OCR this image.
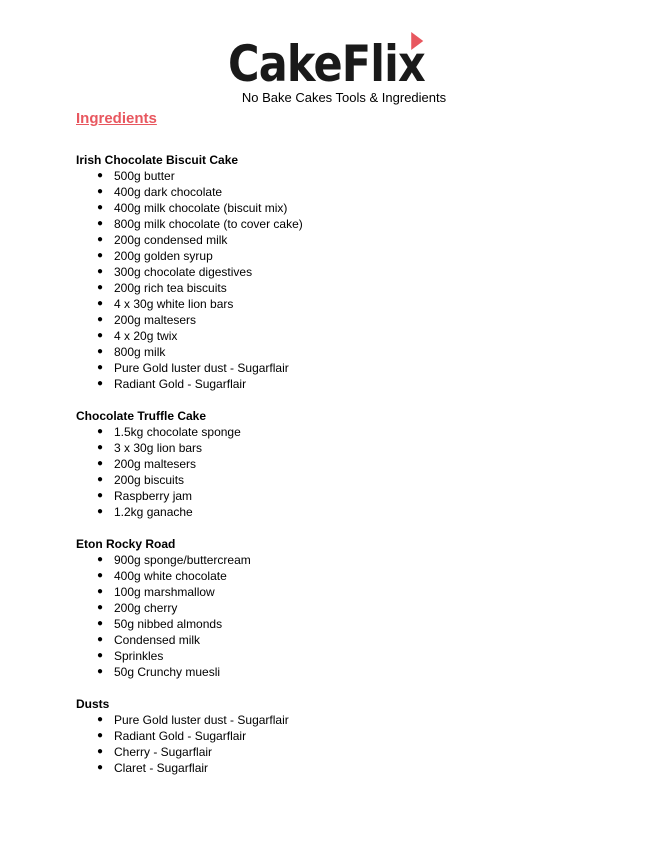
CakeFlix
No Bake Cakes Tools & Ingredients
Ingredients

Irish Chocolate Biscuit Cake

● 500g butter
● 400g dark chocolate
● 400g milk chocolate (biscuit mix)
● 800g milk chocolate (to cover cake)
● 200g condensed milk
● 200g golden syrup
● 300g chocolate digestives
● 200g rich tea biscuits
● 4 x 30g white lion bars
● 200g maltesers
● 4 x 20g twix
● 800g milk
● Pure Gold luster dust - Sugarflair
● Radiant Gold - Sugarflair

Chocolate Truffle Cake

● 1.5kg chocolate sponge
● 3 x 30g lion bars
● 200g maltesers
● 200g biscuits
● Raspberry jam
● 1.2kg ganache

Eton Rocky Road

● 900g sponge/buttercream
● 400g white chocolate
● 100g marshmallow
● 200g cherry
● 50g nibbed almonds
● Condensed milk
● Sprinkles
● 50g Crunchy muesli

Dusts

● Pure Gold luster dust - Sugarflair
● Radiant Gold - Sugarflair
● Cherry - Sugarflair
● Claret - Sugarflair
